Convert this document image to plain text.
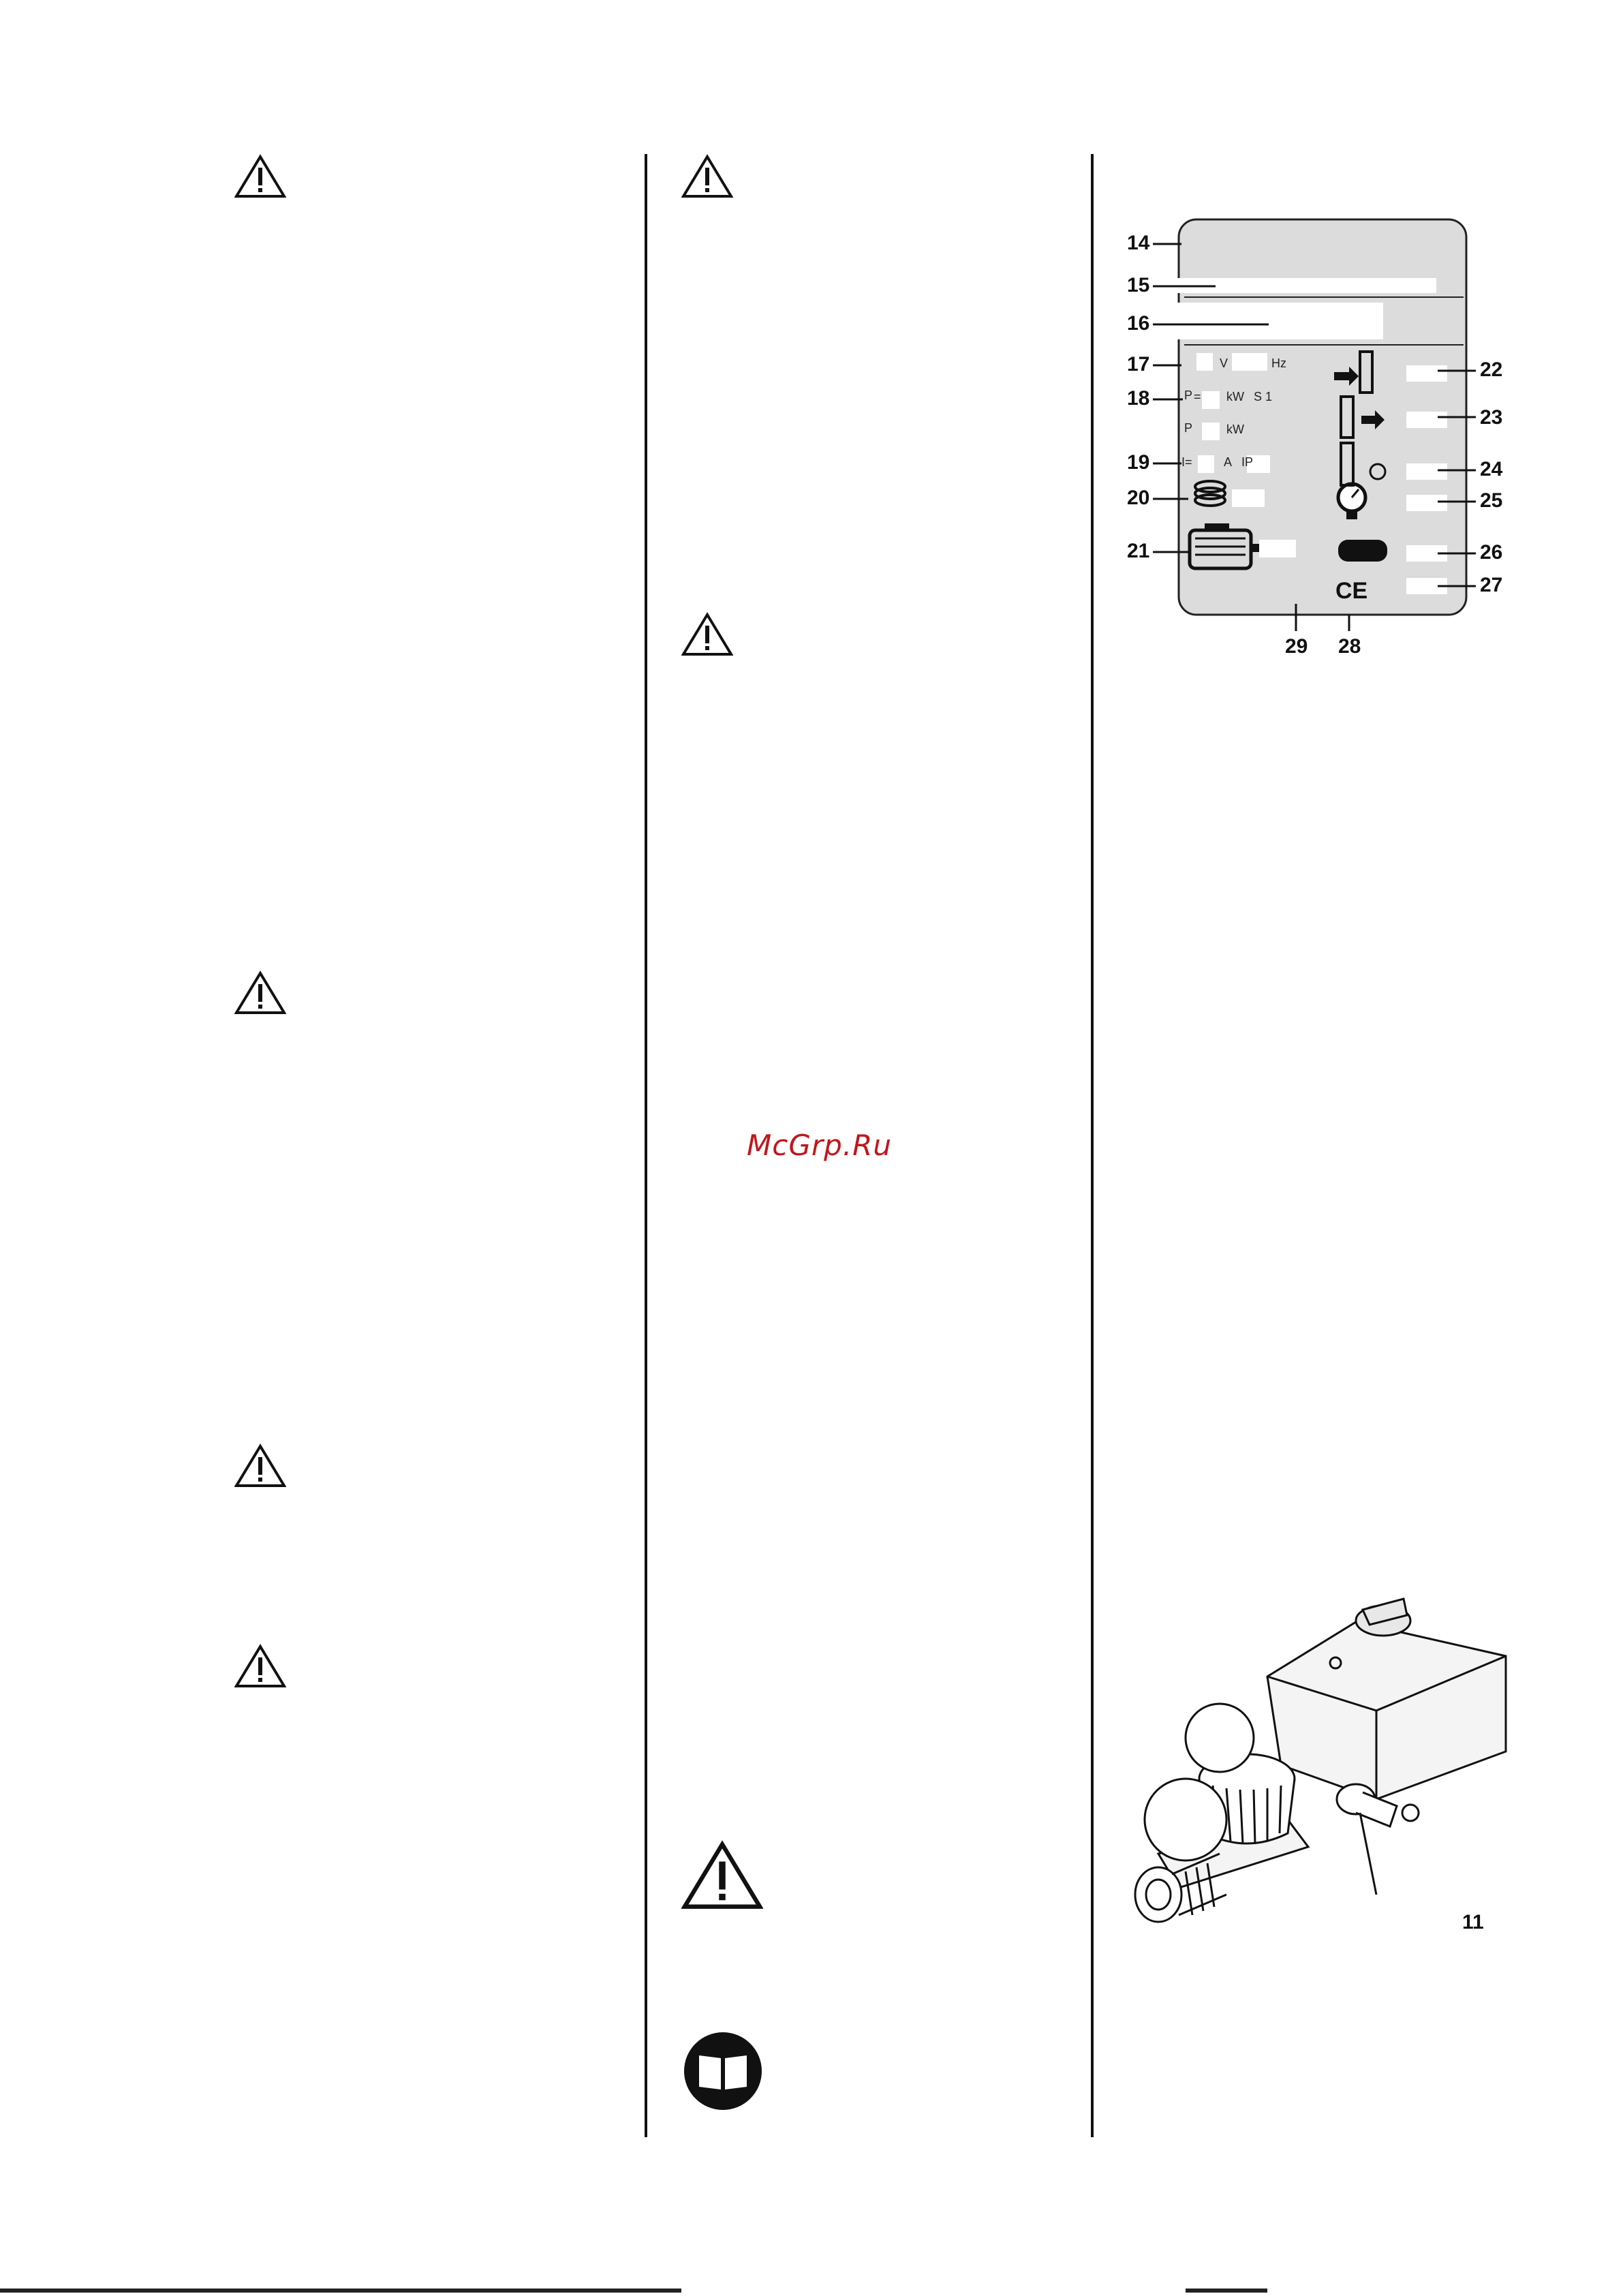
McGrp.Ru
V	Hz
P = kW S 1
P	kW
I=	A IP
CE
14
15
16
17
18
19
20
21
22
23
24
25
26
27
29 28
11
